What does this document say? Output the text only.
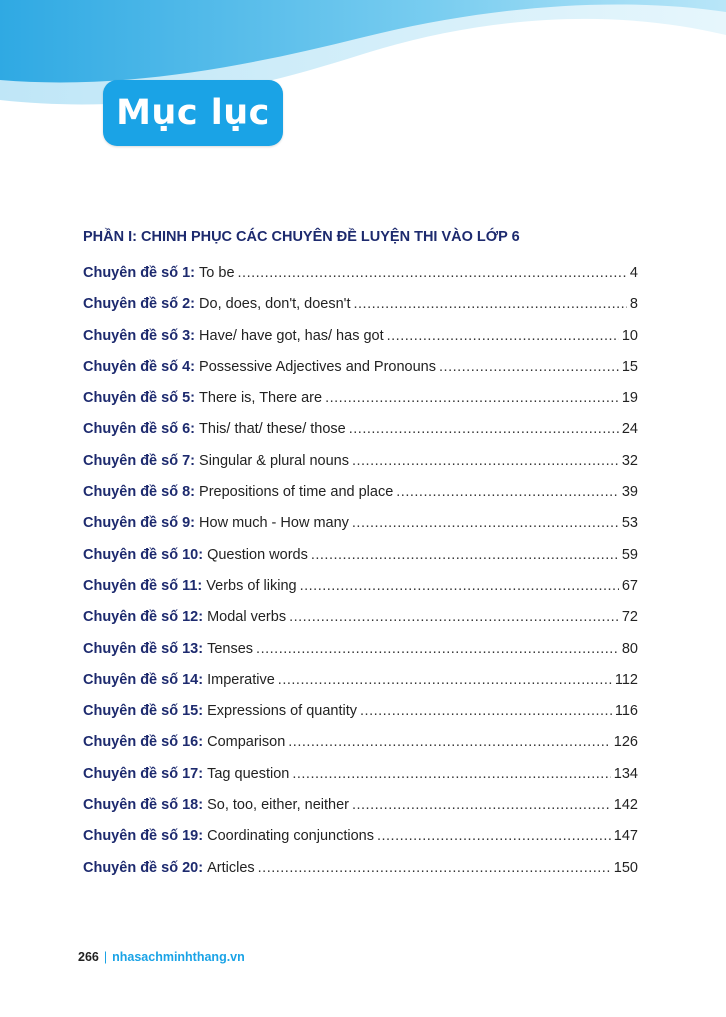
Mục lục
PHẦN I: CHINH PHỤC CÁC CHUYÊN ĐỀ LUYỆN THI VÀO LỚP 6
Chuyên đề số 1:
To be .....	4
Chuyên đề số 2:
Do, does, don't, doesn't .....	8
Chuyên đề số 3:
Have/ have got, has/ has got .....	10
Chuyên đề số 4:
Possessive Adjectives and Pronouns .....	15
Chuyên đề số 5:
There is, There are .....	19
Chuyên đề số 6:
This/ that/ these/ those .....	24
Chuyên đề số 7:
Singular & plural nouns .....	32
Chuyên đề số 8:
Prepositions of time and place .....	39
Chuyên đề số 9:
How much - How many .....	53
Chuyên đề số 10:
Question words .....	59
Chuyên đề số 11:
Verbs of liking .....	67
Chuyên đề số 12:
Modal verbs .....	72
Chuyên đề số 13:
Tenses .....	80
Chuyên đề số 14:
Imperative .....	112
Chuyên đề số 15:
Expressions of quantity .....	116
Chuyên đề số 16:
Comparison .....	126
Chuyên đề số 17:
Tag question .....	134
Chuyên đề số 18:
So, too, either, neither .....	142
Chuyên đề số 19:
Coordinating conjunctions .....	147
Chuyên đề số 20:
Articles .....	150
266 | nhasachminhthang.vn
